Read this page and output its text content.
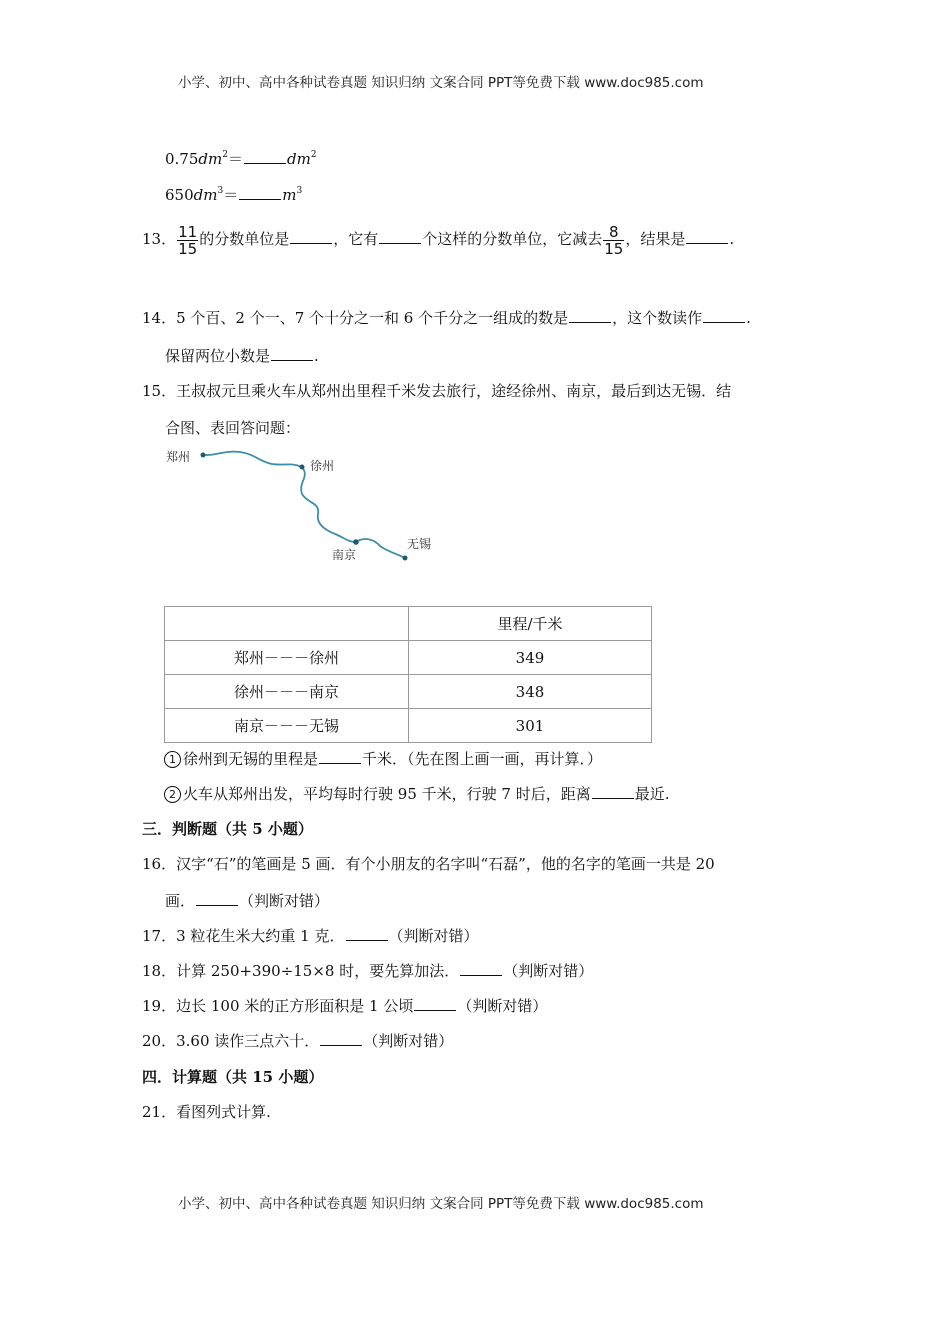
小学、初中、高中各种试卷真题 知识归纳 文案合同 PPT等免费下载 www.doc985.com
$0.75dm^2=$	$dm^2$
$650dm^3=$	$m^3$
13． $\frac{11}{15}$ 的分数单位是	，它有	个这样的分数单位，它减去 $\frac{8}{15}$ ，结果是	.
14．5 个百、2 个一、7 个十分之一和 6 个千分之一组成的数是	，这个数读作	.
保留两位小数是	.
15．王叔叔元旦乘火车从郑州出里程千米发去旅行，途经徐州、南京，最后到达无锡．结
合图、表回答问题：
郑州
徐州
南京
无锡
	里程/千米
郑州－－－徐州	349
徐州－－－南京	348
南京－－－无锡	301
1 徐州到无锡的里程是	千米．（先在图上画一画，再计算．）
2 火车从郑州出发，平均每时行驶 95 千米，行驶 7 时后，距离	最近.
三．判断题（共 5 小题）
16．汉字“石”的笔画是 5 画．有个小朋友的名字叫“石磊”，他的名字的笔画一共是 20
画．	（判断对错）
17．3 粒花生米大约重 1 克．	（判断对错）
18．计算 250+390÷15×8 时，要先算加法．	（判断对错）
19．边长 100 米的正方形面积是 1 公顷	（判断对错）
20．3.60 读作三点六十．	（判断对错）
四．计算题（共 15 小题）
21．看图列式计算.
小学、初中、高中各种试卷真题 知识归纳 文案合同 PPT等免费下载 www.doc985.com
